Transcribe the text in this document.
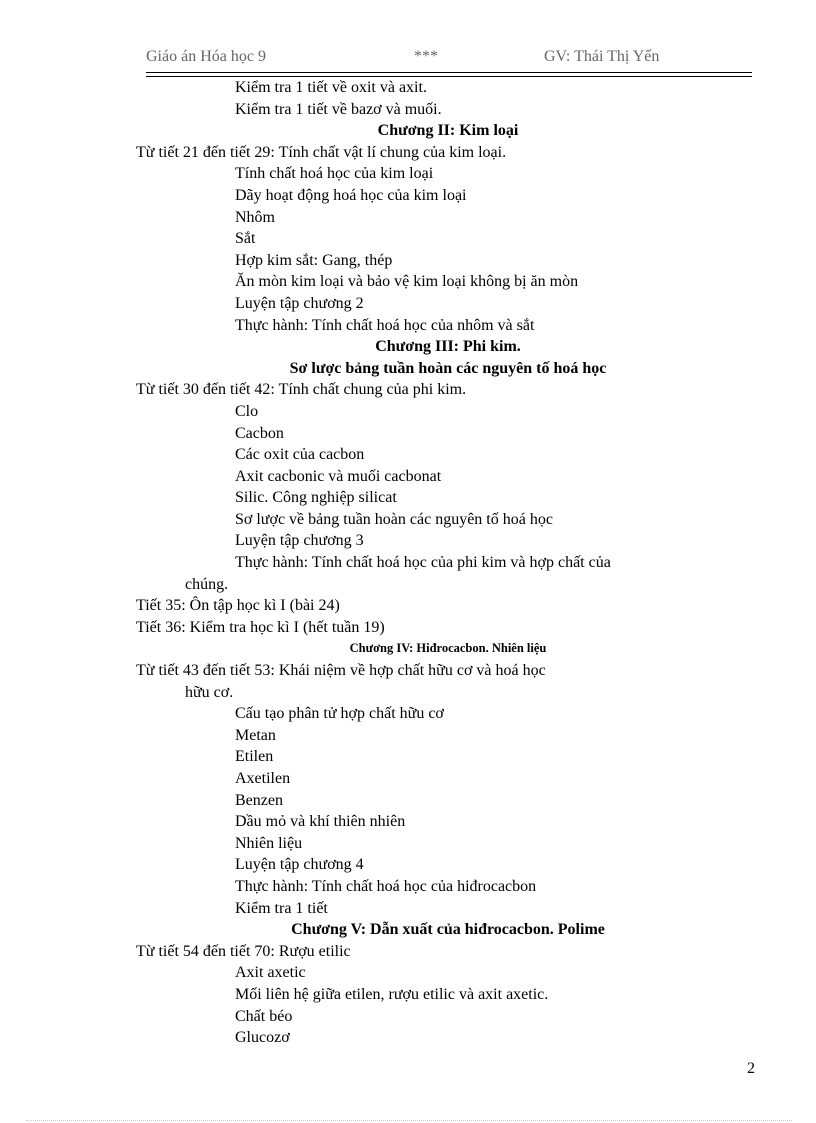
Giáo án Hóa học 9	***	GV: Thái Thị Yến
Kiểm tra 1 tiết về oxit và axit.
Kiểm tra 1 tiết về bazơ và muối.
Chương II: Kim loại
Từ tiết 21 đến tiết 29: Tính chất vật lí chung của kim loại.
Tính chất hoá học của kim loại
Dãy hoạt động hoá học của kim loại
Nhôm
Sắt
Hợp kim sắt: Gang, thép
Ăn mòn kim loại và bảo vệ kim loại không bị ăn mòn
Luyện tập chương 2
Thực hành: Tính chất hoá học của nhôm và sắt
Chương III: Phi kim.
Sơ lược bảng tuần hoàn các nguyên tố hoá học
Từ tiết 30 đến tiết 42: Tính chất chung của phi kim.
Clo
Cacbon
Các oxit của cacbon
Axit cacbonic và muối cacbonat
Silic. Công nghiệp silicat
Sơ lược về bảng tuần hoàn các nguyên tố hoá học
Luyện tập chương 3
Thực hành: Tính chất hoá học của phi kim và hợp chất của
chúng.
Tiết 35: Ôn tập học kì I (bài 24)
Tiết 36: Kiểm tra học kì I (hết tuần 19)
Chương IV: Hiđrocacbon. Nhiên liệu
Từ tiết 43 đến tiết 53: Khái niệm về hợp chất hữu cơ và hoá học
hữu cơ.
Cấu tạo phân tử hợp chất hữu cơ
Metan
Etilen
Axetilen
Benzen
Dầu mỏ và khí thiên nhiên
Nhiên liệu
Luyện tập chương 4
Thực hành: Tính chất hoá học của hiđrocacbon
Kiểm tra 1 tiết
Chương V: Dẫn xuất của hiđrocacbon. Polime
Từ tiết 54 đến tiết 70: Rượu etilic
Axit axetic
Mối liên hệ giữa etilen, rượu etilic và axit axetic.
Chất béo
Glucozơ
2
